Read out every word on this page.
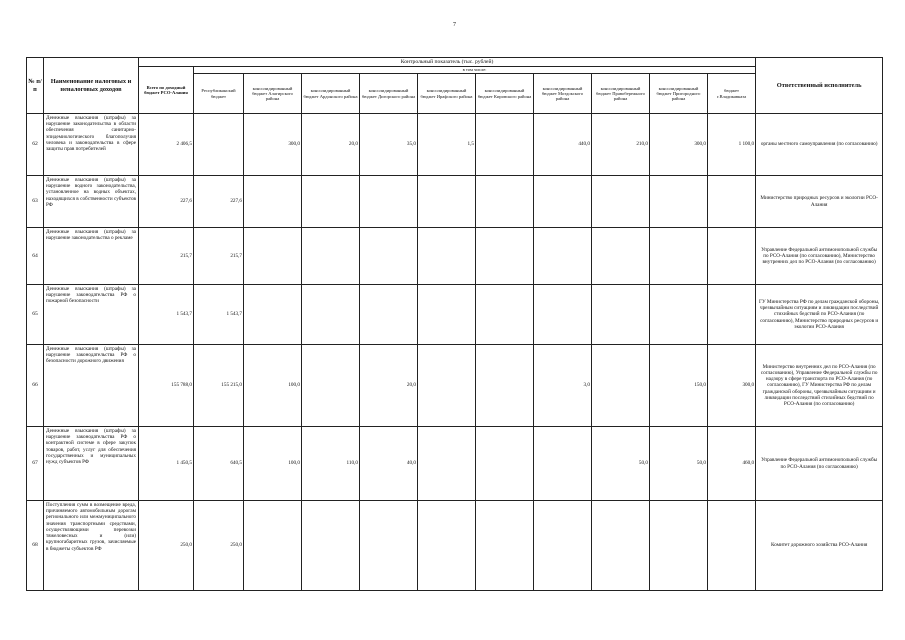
7
№ п/п	Наименование налоговых и неналоговых доходов	Контрольный показатель (тыс. рублей)											Ответственный исполнитель
		Всего по доходный бюджет РСО-Алания	в том числе:										
			Республиканский бюджет	консолидированный бюджет Алагирского района	консолидированный бюджет Ардонского района	консолидированный бюджет Дигорского района	консолидированный бюджет Ирафского района	консолидированный бюджет Кировского района	консолидированный бюджет Моздокского района	консолидированный бюджет Правобережного района	консолидированный бюджет Пригородного района	бюджет г.Владикавказа	
62	Денежные взыскания (штрафы) за нарушение законодательства в области обеспечения санитарно-эпидемиологического благополучия человека и законодательства в сфере защиты прав потребителей	2 406,5		300,0	20,0	35,0	1,5		440,0	210,0	300,0	1 100,0	органы местного самоуправления (по согласованию)
63	Денежные взыскания (штрафы) за нарушение водного законодательства, установленное на водных объектах, находящихся в собственности субъектов РФ	227,6	227,6										Министерство природных ресурсов и экологии РСО-Алания
64	Денежные взыскания (штрафы) за нарушение законодательства о рекламе	215,7	215,7										Управление Федеральной антимонопольной службы по РСО-Алания (по согласованию), Министерство внутренних дел по РСО-Алания (по согласованию)
65	Денежные взыскания (штрафы) за нарушение законодательства РФ о пожарной безопасности	1 543,7	1 543,7										ГУ Министерства РФ по делам гражданской обороны, чрезвычайным ситуациям и ликвидации последствий стихийных бедствий по РСО-Алания (по согласованию), Министерство природных ресурсов и экологии РСО-Алания
66	Денежные взыскания (штрафы) за нарушение законодательства РФ о безопасности дорожного движения	155 788,0	155 215,0	100,0		20,0			3,0		150,0	300,0	Министерство внутренних дел по РСО-Алания (по согласованию), Управление Федеральной службы по надзору в сфере транспорта по РСО-Алания (по согласованию), ГУ Министерства РФ по делам гражданской обороны, чрезвычайным ситуациям и ликвидации последствий стихийных бедствий по РСО-Алания (по согласованию)
67	Денежные взыскания (штрафы) за нарушение законодательства РФ о контрактной системе в сфере закупок товаров, работ, услуг для обеспечения государственных и муниципальных нужд субъектов РФ	1 450,5	640,5	100,0	110,0	40,0				50,0	50,0	460,0	Управление Федеральной антимонопольной службы по РСО-Алания (по согласованию)
68	Поступления сумм в возмещение вреда, причиняемого автомобильным дорогам регионального или межмуниципального значения транспортными средствами, осуществляющими перевозки тяжеловесных и (или) крупногабаритных грузов, зачисляемые в бюджеты субъектов РФ	250,0	250,0										Комитет дорожного хозяйства РСО-Алания
